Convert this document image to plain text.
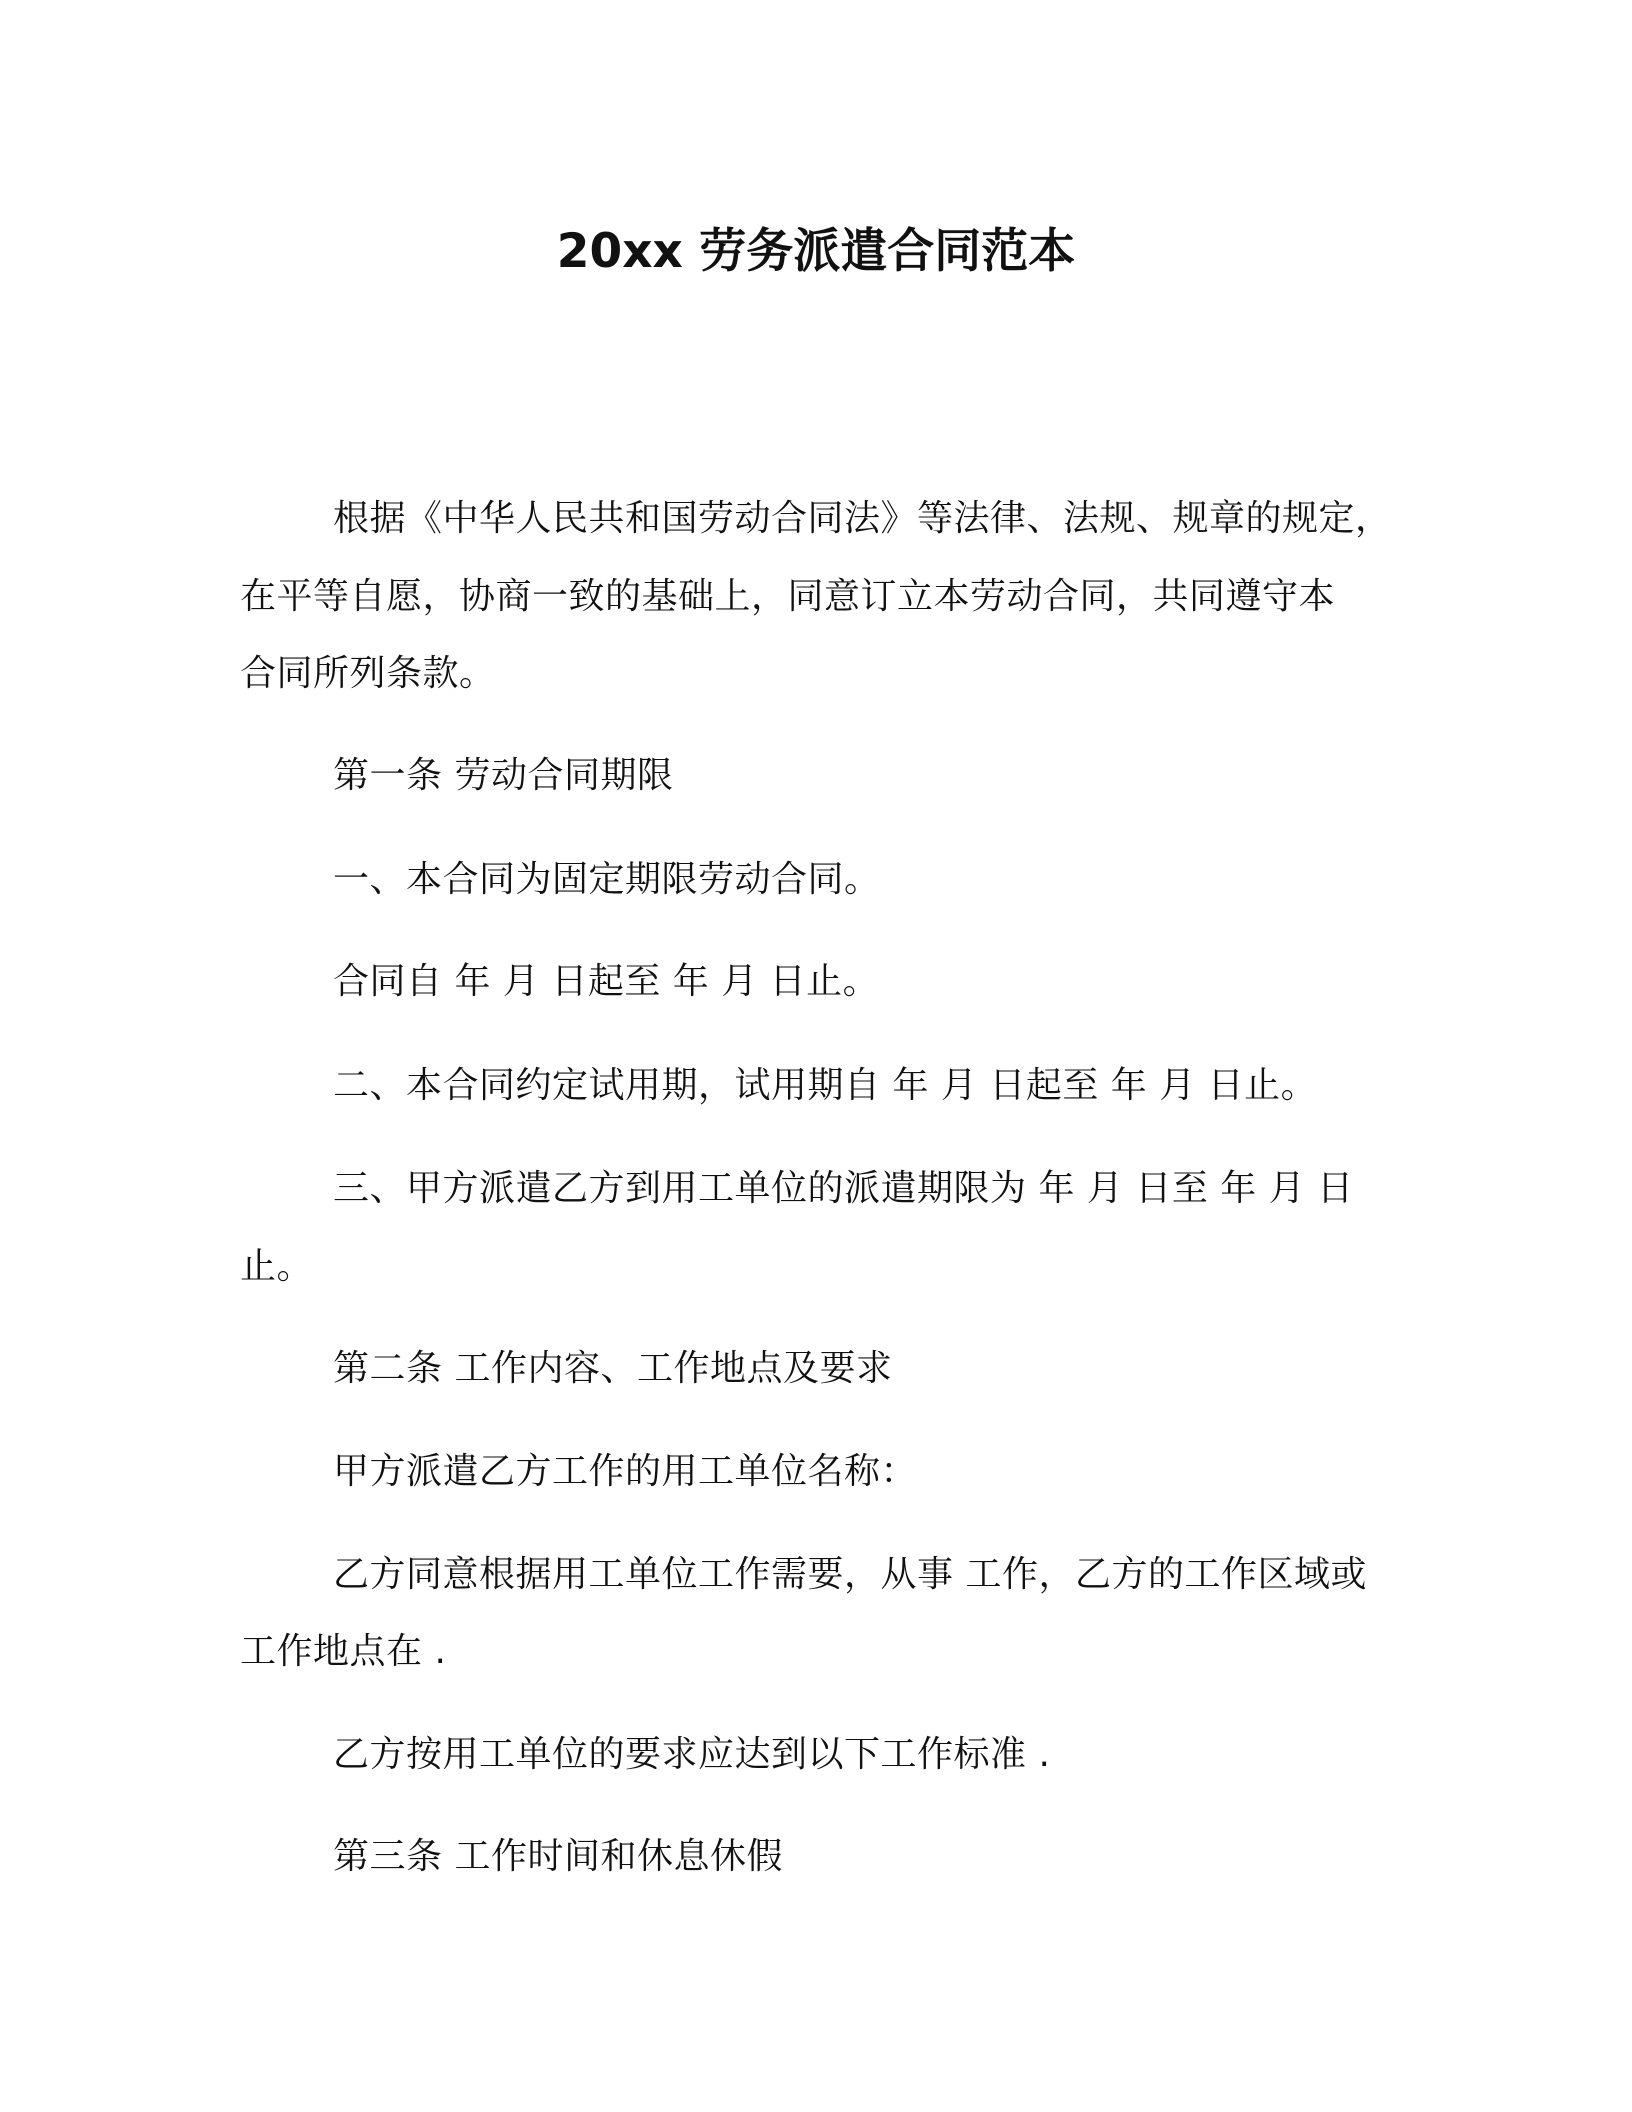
20xx 劳务派遣合同范本
根据《中华人民共和国劳动合同法》等法律、法规、规章的规定，
在平等自愿，协商一致的基础上，同意订立本劳动合同，共同遵守本
合同所列条款。
第一条 劳动合同期限
一、本合同为固定期限劳动合同。
合同自 年 月 日起至 年 月 日止。
二、本合同约定试用期，试用期自 年 月 日起至 年 月 日止。
三、甲方派遣乙方到用工单位的派遣期限为 年 月 日至 年 月 日
止。
第二条 工作内容、工作地点及要求
甲方派遣乙方工作的用工单位名称：
乙方同意根据用工单位工作需要，从事 工作，乙方的工作区域或
工作地点在 .
乙方按用工单位的要求应达到以下工作标准 .
第三条 工作时间和休息休假
